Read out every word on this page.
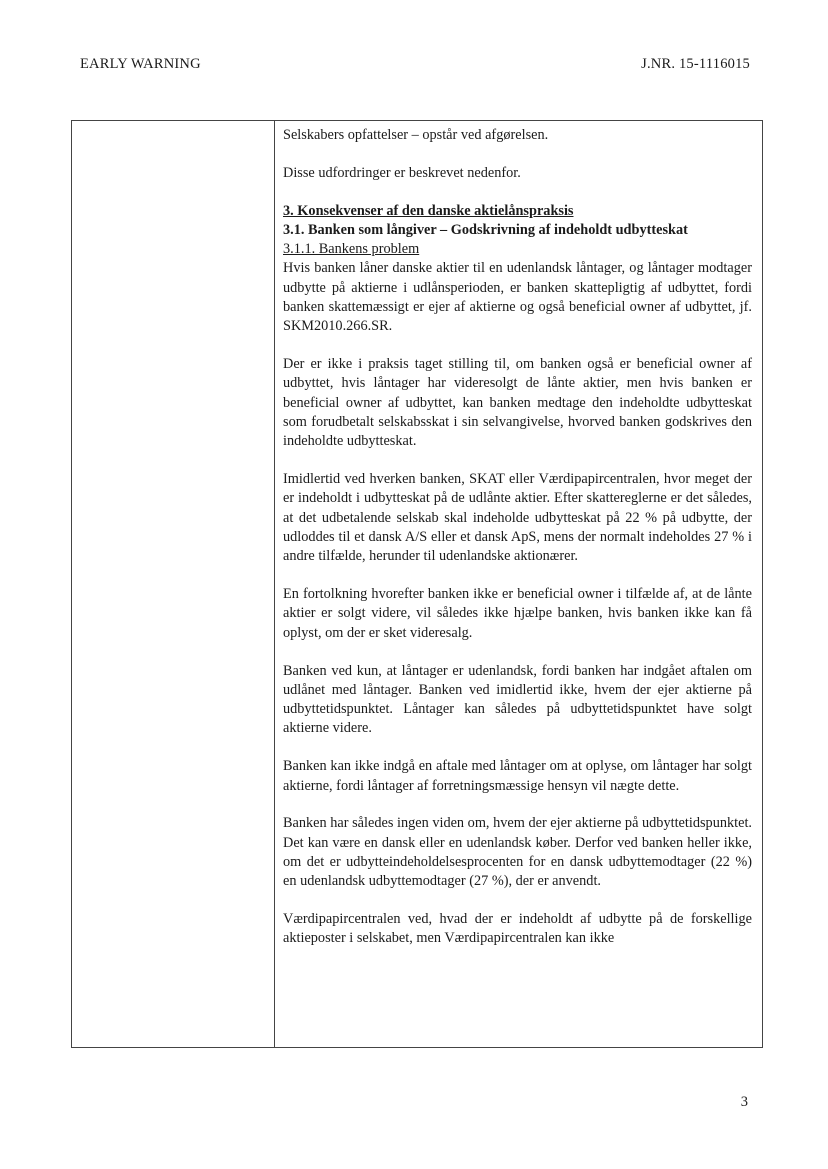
EARLY WARNING	J.NR. 15-1116015

Selskabers opfattelser – opstår ved afgørelsen.

Disse udfordringer er beskrevet nedenfor.

3. Konsekvenser af den danske aktielånspraksis
3.1. Banken som långiver – Godskrivning af indeholdt udbytteskat
3.1.1. Bankens problem

Hvis banken låner danske aktier til en udenlandsk låntager, og låntager modtager udbytte på aktierne i udlånsperioden, er banken skattepligtig af udbyttet, fordi banken skattemæssigt er ejer af aktierne og også beneficial owner af udbyttet, jf. SKM2010.266.SR.

Der er ikke i praksis taget stilling til, om banken også er beneficial owner af udbyttet, hvis låntager har videresolgt de lånte aktier, men hvis banken er beneficial owner af udbyttet, kan banken medtage den indeholdte udbytteskat som forudbetalt selskabsskat i sin selvangivelse, hvorved banken godskrives den indeholdte udbytteskat.

Imidlertid ved hverken banken, SKAT eller Værdipapircentralen, hvor meget der er indeholdt i udbytteskat på de udlånte aktier. Efter skattereglerne er det således, at det udbetalende selskab skal indeholde udbytteskat på 22 % på udbytte, der udloddes til et dansk A/S eller et dansk ApS, mens der normalt indeholdes 27 % i andre tilfælde, herunder til udenlandske aktionærer.

En fortolkning hvorefter banken ikke er beneficial owner i tilfælde af, at de lånte aktier er solgt videre, vil således ikke hjælpe banken, hvis banken ikke kan få oplyst, om der er sket videresalg.

Banken ved kun, at låntager er udenlandsk, fordi banken har indgået aftalen om udlånet med låntager. Banken ved imidlertid ikke, hvem der ejer aktierne på udbyttetidspunktet. Låntager kan således på udbyttetidspunktet have solgt aktierne videre.

Banken kan ikke indgå en aftale med låntager om at oplyse, om låntager har solgt aktierne, fordi låntager af forretningsmæssige hensyn vil nægte dette.

Banken har således ingen viden om, hvem der ejer aktierne på udbyttetidspunktet. Det kan være en dansk eller en udenlandsk køber. Derfor ved banken heller ikke, om det er udbytteindeholdelsesprocenten for en dansk udbyttemodtager (22 %) en udenlandsk udbyttemodtager (27 %), der er anvendt.

Værdipapircentralen ved, hvad der er indeholdt af udbytte på de forskellige aktieposter i selskabet, men Værdipapircentralen kan ikke

3
